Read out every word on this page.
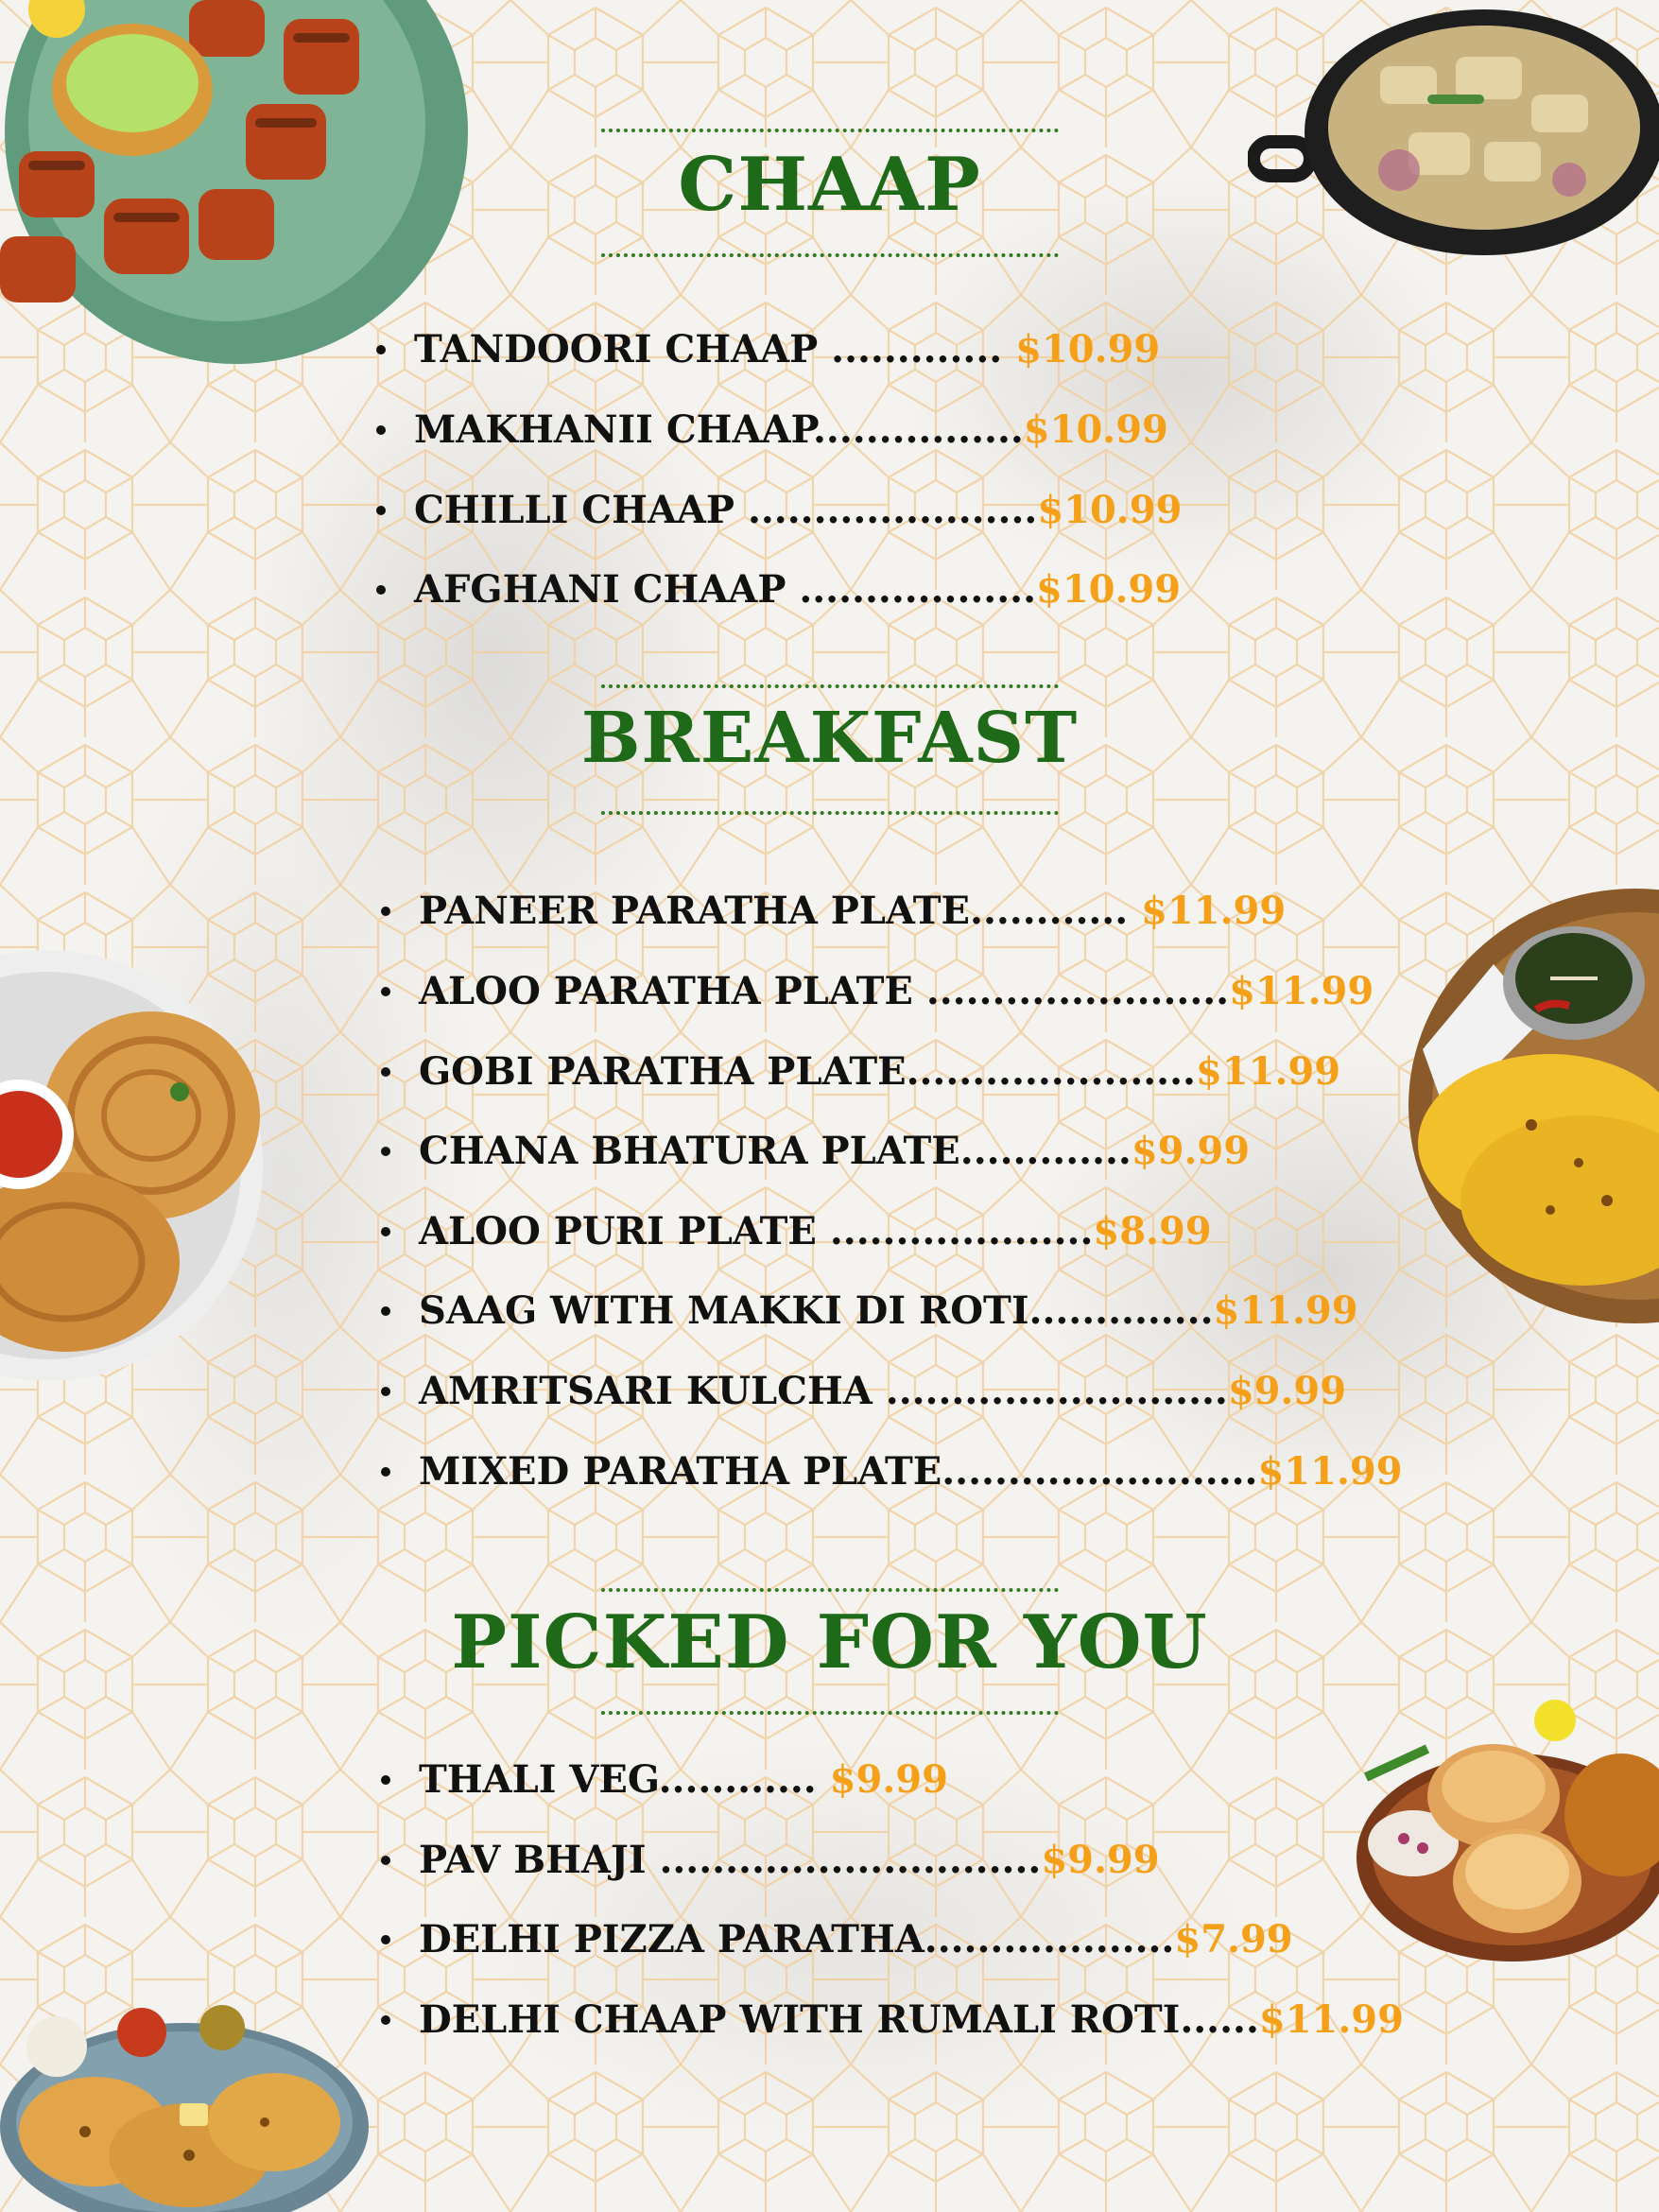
CHAAP
BREAKFAST
PICKED FOR YOU
TANDOORI CHAAP ............. $10.99
MAKHANII CHAAP................$10.99
CHILLI CHAAP ......................$10.99
AFGHANI CHAAP ..................$10.99
PANEER PARATHA PLATE............ $11.99
ALOO PARATHA PLATE .......................$11.99
GOBI PARATHA PLATE......................$11.99
CHANA BHATURA PLATE.............$9.99
ALOO PURI PLATE ....................$8.99
SAAG WITH MAKKI DI ROTI..............$11.99
AMRITSARI KULCHA ..........................$9.99
MIXED PARATHA PLATE........................$11.99
THALI VEG............ $9.99
PAV BHAJI .............................$9.99
DELHI PIZZA PARATHA...................$7.99
DELHI CHAAP WITH RUMALI ROTI......$11.99
